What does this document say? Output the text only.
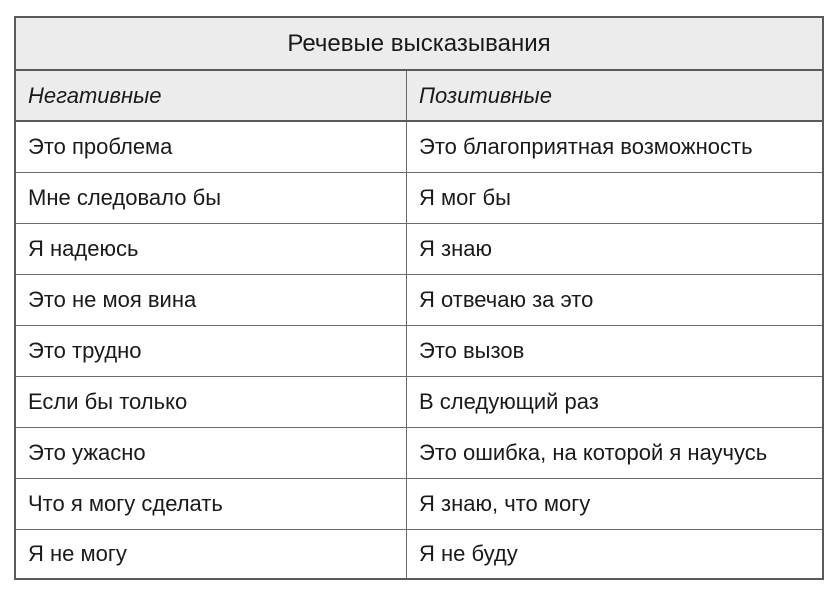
Речевые высказывания
Негативные	Позитивные
Это проблема	Это благоприятная возможность
Мне следовало бы	Я мог бы
Я надеюсь	Я знаю
Это не моя вина	Я отвечаю за это
Это трудно	Это вызов
Если бы только	В следующий раз
Это ужасно	Это ошибка, на которой я научусь
Что я могу сделать	Я знаю, что могу
Я не могу	Я не буду
